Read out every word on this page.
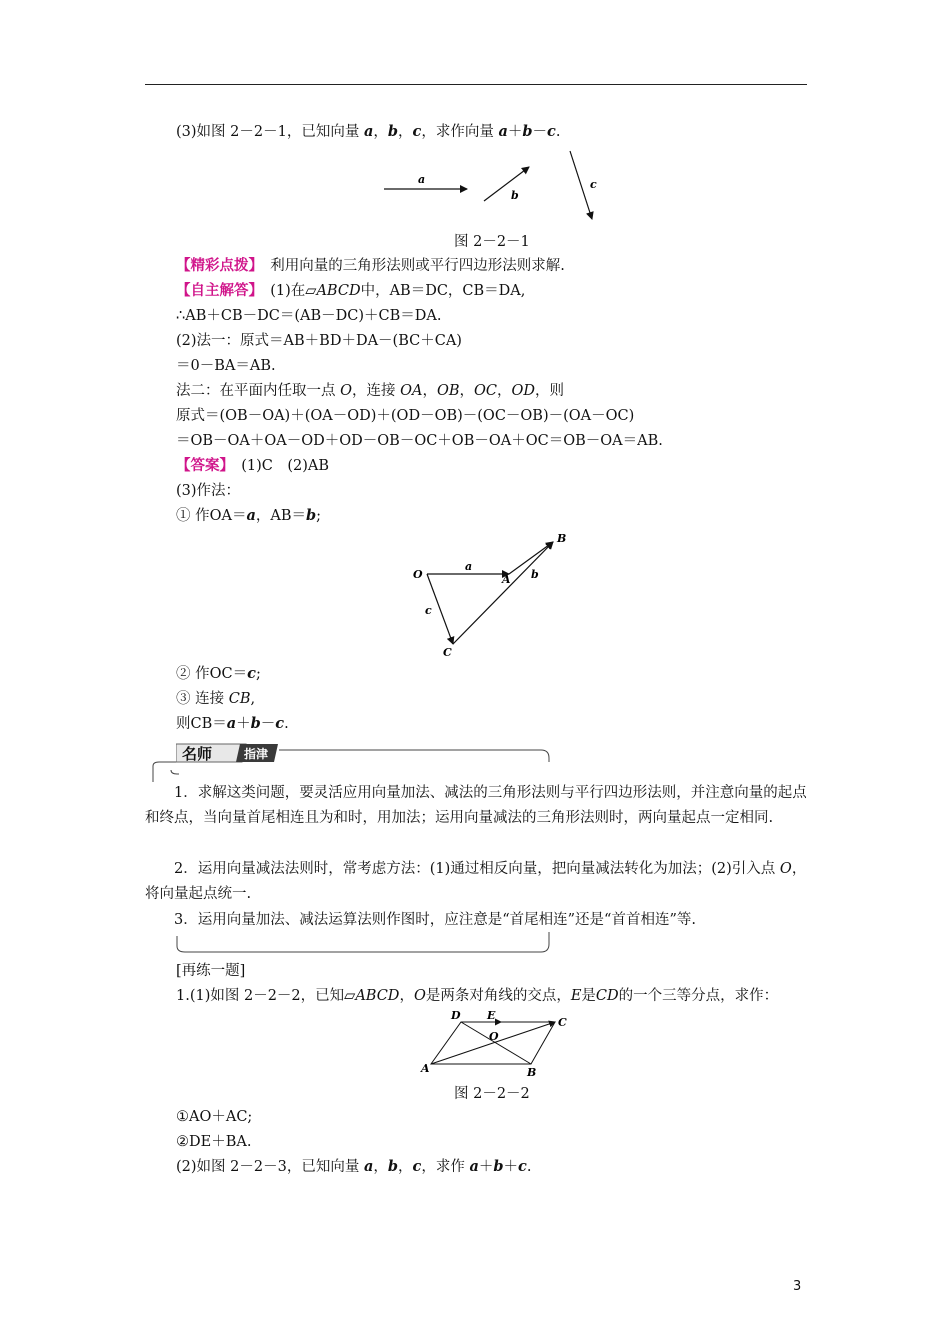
(3)如图 2－2－1，已知向量 a，b，c，求作向量 a＋b－c.
a
b
c
图 2－2－1
【精彩点拨】　 利用向量的三角形法则或平行四边形法则求解.
【自主解答】　 (1)在▱ABCD中，AB＝DC，CB＝DA,
∴AB＋CB－DC＝(AB－DC)＋CB＝DA.
(2)法一：原式＝AB＋BD＋DA－(BC＋CA)
＝0－BA＝AB.
法二：在平面内任取一点 O，连接 OA，OB，OC，OD，则
原式＝(OB－OA)＋(OA－OD)＋(OD－OB)－(OC－OB)－(OA－OC)
＝OB－OA＋OA－OD＋OD－OB－OC＋OB－OA＋OC＝OB－OA＝AB.
【答案】　 (1)C　(2)AB
(3)作法：
① 作OA＝a，AB＝b;
O	A
B
C
a
b
c
② 作OC＝c;
③ 连接 CB,
则CB＝a＋b－c.
名师	指津
1．求解这类问题，要灵活应用向量加法、减法的三角形法则与平行四边形法则，并注意向量的起点和终点，当向量首尾相连且为和时，用加法；运用向量减法的三角形法则时，两向量起点一定相同.
2．运用向量减法法则时，常考虑方法：(1)通过相反向量，把向量减法转化为加法；(2)引入点 O，将向量起点统一.
3．运用向量加法、减法运算法则作图时，应注意是“首尾相连”还是“首首相连”等.
[再练一题]
1.(1)如图 2－2－2，已知▱ABCD，O是两条对角线的交点，E是CD的一个三等分点，求作：
A	B
C
D E
O
图 2－2－2
①AO＋AC;
②DE＋BA.
(2)如图 2－2－3，已知向量 a，b，c，求作 a＋b＋c.
3
